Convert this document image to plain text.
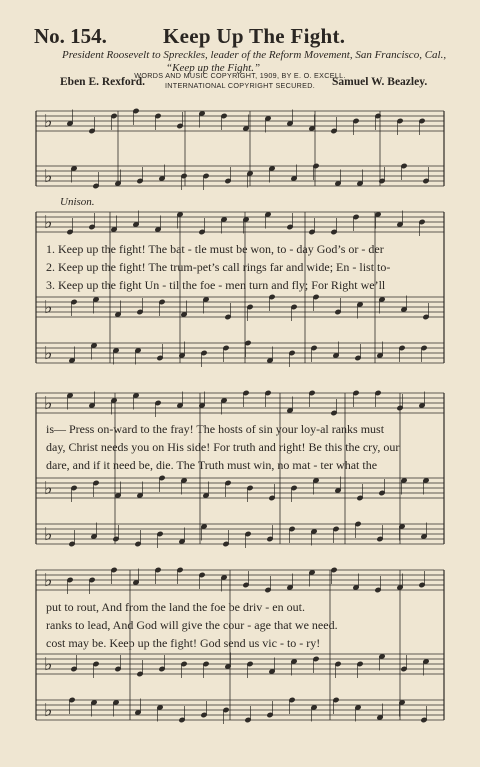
No. 154.	Keep Up The Fight.
President Roosevelt to Spreckles, leader of the Reform Movement, San Francisco, Cal.,
“Keep up the Fight.”
WORDS AND MUSIC COPYRIGHT, 1909, BY E. O. EXCELL.
Eben E. Rexford.	Samuel W. Beazley.
INTERNATIONAL COPYRIGHT SECURED.
♭
♭
♭
♭
♭
♭
♭
♭
♭
♭
♭
Unison.
1. Keep up the fight! The bat - tle must be won, to - day God’s or - der
2. Keep up the fight! The trum-pet’s call rings far and wide; En - list to-
3. Keep up the fight Un - til the foe - men turn and fly; For Right we’ll
is— Press on-ward to the fray! The hosts of sin your loy-al ranks must
day, Christ needs you on His side! For truth and right! Be this the cry, our
dare, and if it need be, die. The Truth must win, no mat - ter what the
put to rout, And from the land the foe be driv - en out.
ranks to lead, And God will give the cour - age that we need.
cost may be. Keep up the fight! God send us vic - to - ry!
